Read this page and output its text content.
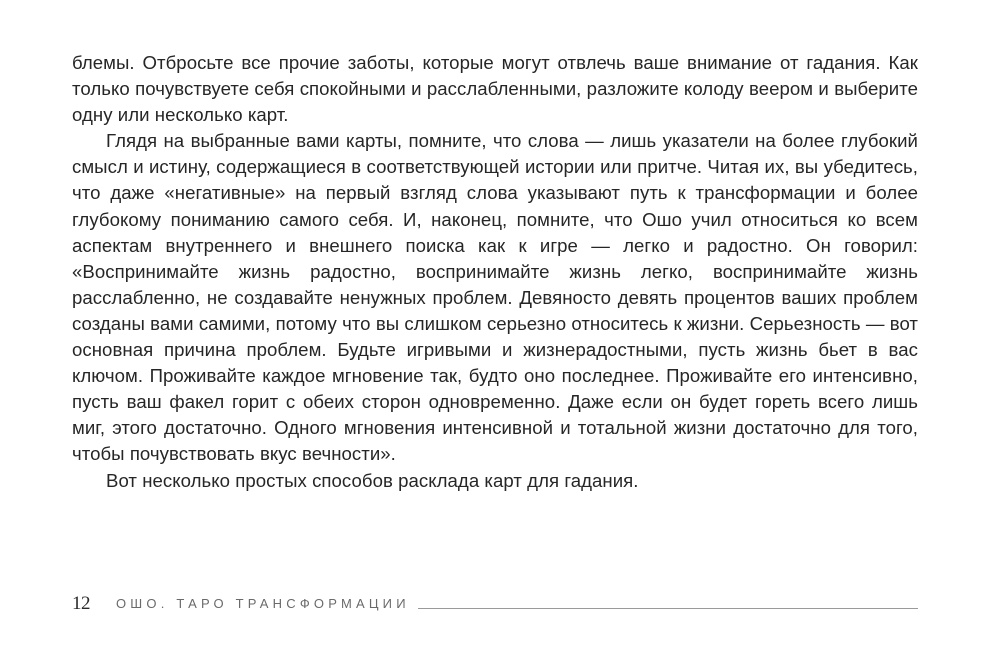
блемы. Отбросьте все прочие заботы, которые могут отвлечь ваше внимание от гадания. Как только почувствуете себя спокойными и расслабленными, разложите колоду веером и выберите одну или несколько карт.

Глядя на выбранные вами карты, помните, что слова — лишь указатели на более глубокий смысл и истину, содержащиеся в соответствующей истории или притче. Читая их, вы убедитесь, что даже «негативные» на первый взгляд слова указывают путь к трансформации и более глубокому пониманию самого себя. И, наконец, помните, что Ошо учил относиться ко всем аспектам внутреннего и внешнего поиска как к игре — легко и радостно. Он говорил: «Воспринимайте жизнь радостно, воспринимайте жизнь легко, воспринимайте жизнь расслабленно, не создавайте ненужных проблем. Девяносто девять процентов ваших проблем созданы вами самими, потому что вы слишком серьезно относитесь к жизни. Серьезность — вот основная причина проблем. Будьте игривыми и жизнерадостными, пусть жизнь бьет в вас ключом. Проживайте каждое мгновение так, будто оно последнее. Проживайте его интенсивно, пусть ваш факел горит с обеих сторон одновременно. Даже если он будет гореть всего лишь миг, этого достаточно. Одного мгновения интенсивной и тотальной жизни достаточно для того, чтобы почувствовать вкус вечности».

Вот несколько простых способов расклада карт для гадания.

12 ОШО. ТАРО ТРАНСФОРМАЦИИ
